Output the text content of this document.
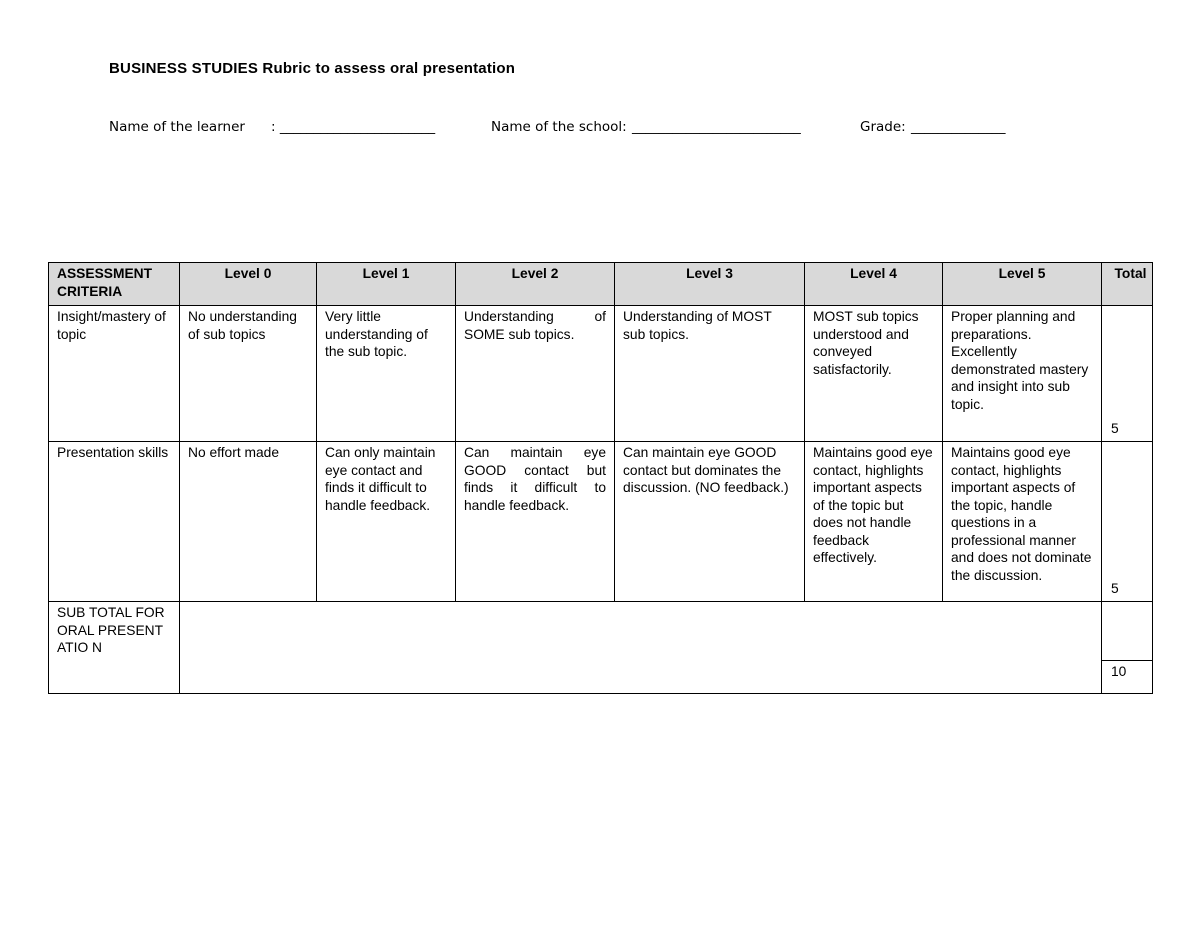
BUSINESS STUDIES Rubric to assess oral presentation
Name of the learner : _______________________	Name of the school: _________________________	Grade: ______________
ASSESSMENT CRITERIA	Level 0	Level 1	Level 2	Level 3	Level 4	Level 5	Total

Insight/mastery of topic	No understanding of sub topics	Very little understanding of the sub topic.	Understanding of SOME sub topics.	Understanding of MOST sub topics.	MOST sub topics understood and conveyed satisfactorily.	Proper planning and preparations. Excellently demonstrated mastery and insight into sub topic.	5

Presentation skills	No effort made	Can only maintain eye contact and finds it difficult to handle feedback.	Can maintain eye GOOD contact but finds it difficult to handle feedback.	Can maintain eye GOOD contact but dominates the discussion. (NO feedback.)	Maintains good eye contact, highlights important aspects of the topic but does not handle feedback effectively.	Maintains good eye contact, highlights important aspects of the topic, handle questions in a professional manner and does not dominate the discussion.	5

SUB TOTAL FOR ORAL PRESENTATIO N							10
